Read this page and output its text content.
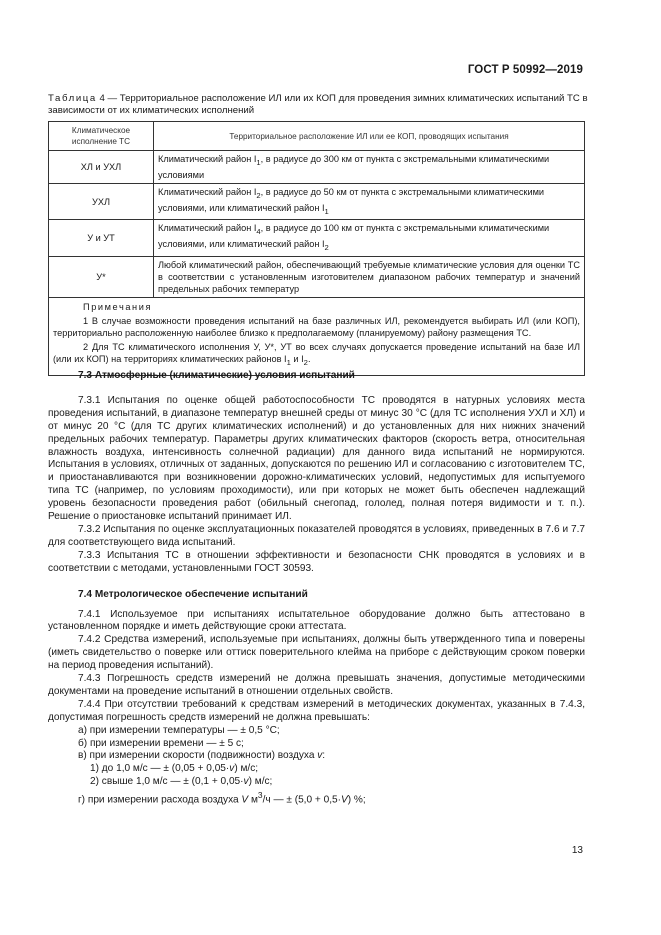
ГОСТ Р 50992—2019
Таблица 4 — Территориальное расположение ИЛ или их КОП для проведения зимних климатических испытаний ТС в зависимости от их климатических исполнений
Климатическое исполнение ТС	Территориальное расположение ИЛ или ее КОП, проводящих испытания
ХЛ и УХЛ	Климатический район $I_1$, в радиусе до 300 км от пункта с экстремальными климатическими условиями
УХЛ	Климатический район $I_2$, в радиусе до 50 км от пункта с экстремальными климатическими условиями, или климатический район $I_1$
У и УТ	Климатический район $I_4$, в радиусе до 100 км от пункта с экстремальными климатическими условиями, или климатический район $I_2$
У*	Любой климатический район, обеспечивающий требуемые климатические условия для оценки ТС в соответствии с установленным изготовителем диапазоном рабочих температур и значений предельных рабочих температур

Примечания
1 В случае возможности проведения испытаний на базе различных ИЛ, рекомендуется выбирать ИЛ (или КОП), территориально расположенную наиболее близко к предполагаемому (планируемому) району размещения ТС.
2 Для ТС климатического исполнения У, У*, УТ во всех случаях допускается проведение испытаний на базе ИЛ (или их КОП) на территориях климатических районов $I_1$ и $I_2$.	

7.3 Атмосферные (климатические) условия испытаний

7.3.1 Испытания по оценке общей работоспособности ТС проводятся в натурных условиях места проведения испытаний, в диапазоне температур внешней среды от минус 30 °С (для ТС исполнения УХЛ и ХЛ) и от минус 20 °С (для ТС других климатических исполнений) и до установленных для них нижних значений предельных рабочих температур. Параметры других климатических факторов (скорость ветра, относительная влажность воздуха, интенсивность солнечной радиации) для данного вида испытаний не нормируются. Испытания в условиях, отличных от заданных, допускаются по решению ИЛ и согласованию с изготовителем ТС, и приостанавливаются при возникновении дорожно-климатических условий, недопустимых для испытуемого типа ТС (например, по условиям проходимости), или при которых не может быть обеспечен надлежащий уровень безопасности проведения работ (обильный снегопад, гололед, полная потеря видимости и т. п.). Решение о приостановке испытаний принимает ИЛ.

7.3.2 Испытания по оценке эксплуатационных показателей проводятся в условиях, приведенных в 7.6 и 7.7 для соответствующего вида испытаний.

7.3.3 Испытания ТС в отношении эффективности и безопасности СНК проводятся в условиях и в соответствии с методами, установленными ГОСТ 30593.

7.4 Метрологическое обеспечение испытаний

7.4.1 Используемое при испытаниях испытательное оборудование должно быть аттестовано в установленном порядке и иметь действующие сроки аттестата.

7.4.2 Средства измерений, используемые при испытаниях, должны быть утвержденного типа и поверены (иметь свидетельство о поверке или оттиск поверительного клейма на приборе с действующим сроком поверки на период проведения испытаний).

7.4.3 Погрешность средств измерений не должна превышать значения, допустимые методическими документами на проведение испытаний в отношении отдельных свойств.

7.4.4 При отсутствии требований к средствам измерений в методических документах, указанных в 7.4.3, допустимая погрешность средств измерений не должна превышать:

а) при измерении температуры — ± 0,5 °С;

б) при измерении времени — ± 5 с;

в) при измерении скорости (подвижности) воздуха v:

1) до 1,0 м/с — ± (0,05 + 0,05·v) м/с;

2) свыше 1,0 м/с — ± (0,1 + 0,05·v) м/с;

г) при измерении расхода воздуха V $м^3/ч$ — ± (5,0 + 0,5·V) %;

13
